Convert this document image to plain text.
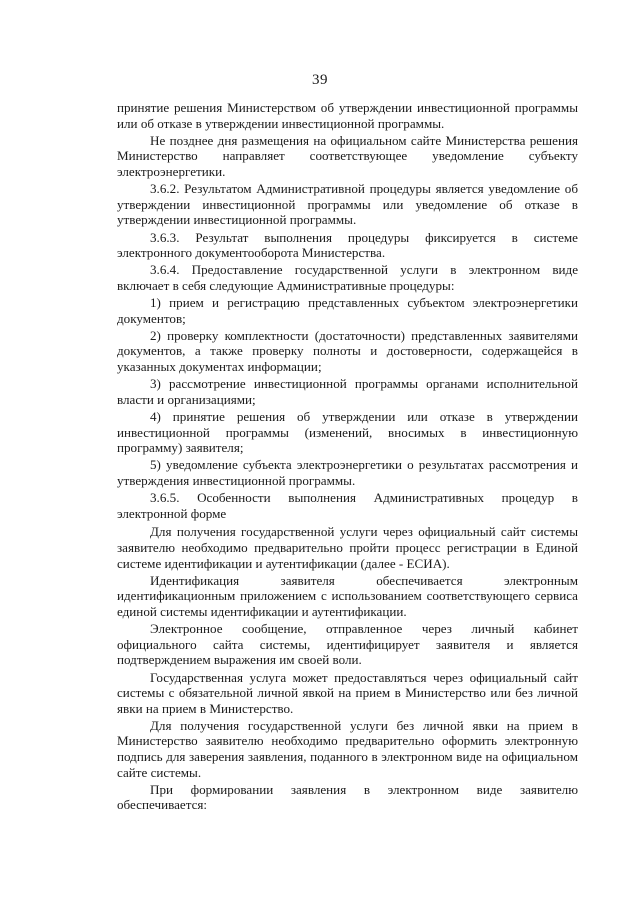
39

принятие решения Министерством об утверждении инвестиционной программы или об отказе в утверждении инвестиционной программы.

Не позднее дня размещения на официальном сайте Министерства решения Министерство направляет соответствующее уведомление субъекту электроэнергетики.

3.6.2. Результатом Административной процедуры является уведомление об утверждении инвестиционной программы или уведомление об отказе в утверждении инвестиционной программы.

3.6.3. Результат выполнения процедуры фиксируется в системе электронного документооборота Министерства.

3.6.4. Предоставление государственной услуги в электронном виде включает в себя следующие Административные процедуры:

1) прием и регистрацию представленных субъектом электроэнергетики документов;

2) проверку комплектности (достаточности) представленных заявителями документов, а также проверку полноты и достоверности, содержащейся в указанных документах информации;

3) рассмотрение инвестиционной программы органами исполнительной власти и организациями;

4) принятие решения об утверждении или отказе в утверждении инвестиционной программы (изменений, вносимых в инвестиционную программу) заявителя;

5) уведомление субъекта электроэнергетики о результатах рассмотрения и утверждения инвестиционной программы.

3.6.5. Особенности выполнения Административных процедур в электронной форме

Для получения государственной услуги через официальный сайт системы заявителю необходимо предварительно пройти процесс регистрации в Единой системе идентификации и аутентификации (далее - ЕСИА).

Идентификация заявителя обеспечивается электронным идентификационным приложением с использованием соответствующего сервиса единой системы идентификации и аутентификации.

Электронное сообщение, отправленное через личный кабинет официального сайта системы, идентифицирует заявителя и является подтверждением выражения им своей воли.

Государственная услуга может предоставляться через официальный сайт системы с обязательной личной явкой на прием в Министерство или без личной явки на прием в Министерство.

Для получения государственной услуги без личной явки на прием в Министерство заявителю необходимо предварительно оформить электронную подпись для заверения заявления, поданного в электронном виде на официальном сайте системы.

При формировании заявления в электронном виде заявителю обеспечивается:
